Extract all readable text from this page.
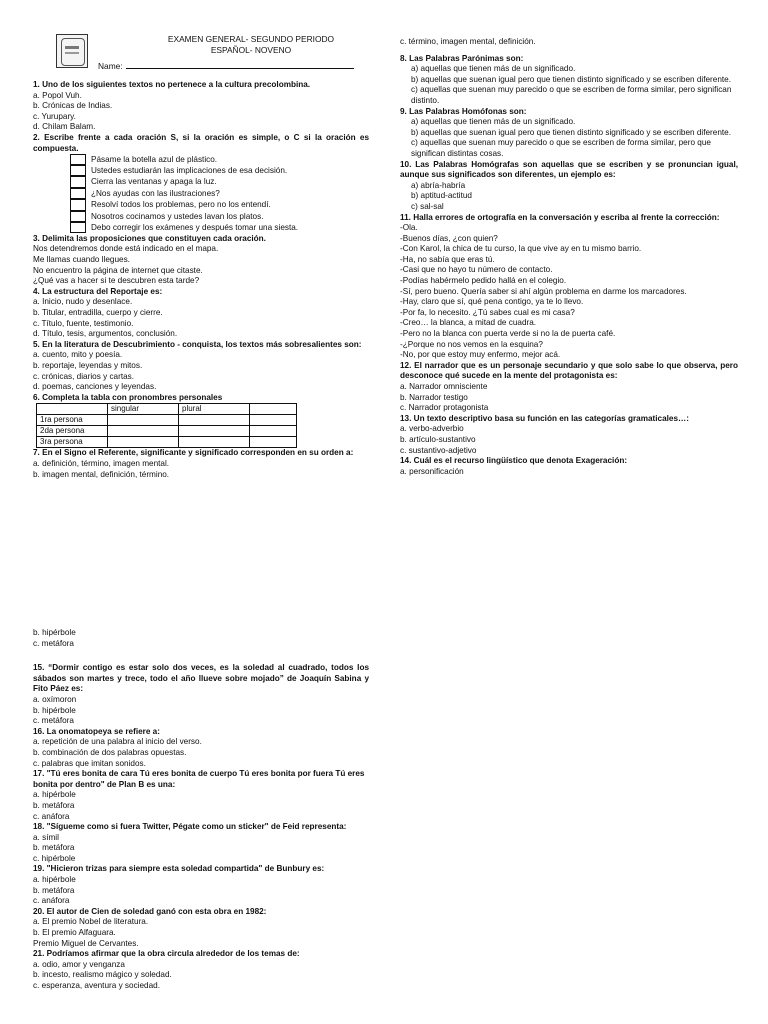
EXAMEN GENERAL- SEGUNDO PERIODO
ESPAÑOL- NOVENO
Name:
1. Uno de los siguientes textos no pertenece a la cultura precolombina.
a. Popol Vuh.
b. Crónicas de Indias.
c. Yurupary.
d. Chilam Balam.
2. Escribe frente a cada oración S, si la oración es simple, o C si la oración es compuesta.
Pásame la botella azul de plástico.
Ustedes estudiarán las implicaciones de esa decisión.
Cierra las ventanas y apaga la luz.
¿Nos ayudas con las ilustraciones?
Resolví todos los problemas, pero no los entendí.
Nosotros cocinamos y ustedes lavan los platos.
Debo corregir los exámenes y después tomar una siesta.
3. Delimita las proposiciones que constituyen cada oración.
Nos detendremos donde está indicado en el mapa.
Me llamas cuando llegues.
No encuentro la página de internet que citaste.
¿Qué vas a hacer si te descubren esta tarde?
4. La estructura del Reportaje es:
a. Inicio, nudo y desenlace.
b. Titular, entradilla, cuerpo y cierre.
c. Título, fuente, testimonio.
d. Título, tesis, argumentos, conclusión.
5. En la literatura de Descubrimiento - conquista, los textos más sobresalientes son:
a. cuento, mito y poesía.
b. reportaje, leyendas y mitos.
c. crónicas, diarios y cartas.
d. poemas, canciones y leyendas.
6. Completa la tabla con pronombres personales
	singular	plural	
1ra persona			
2da persona			
3ra persona			
7. En el Signo el Referente, significante y significado corresponden en su orden a:
a. definición, término, imagen mental.
b. imagen mental, definición, término.
c. término, imagen mental, definición.
8. Las Palabras Parónimas son:
a) aquellas que tienen más de un significado.
b) aquellas que suenan igual pero que tienen distinto significado y se escriben diferente.
c) aquellas que suenan muy parecido o que se escriben de forma similar, pero significan distinto.
9. Las Palabras Homófonas son:
a) aquellas que tienen más de un significado.
b) aquellas que suenan igual pero que tienen distinto significado y se escriben diferente.
c) aquellas que suenan muy parecido o que se escriben de forma similar, pero que significan distintas cosas.
10. Las Palabras Homógrafas son aquellas que se escriben y se pronuncian igual, aunque sus significados son diferentes, un ejemplo es:
a) abría-habría
b) aptitud-actitud
c) sal-sal
11. Halla errores de ortografía en la conversación y escriba al frente la corrección:
-Ola.
-Buenos días, ¿con quien?
-Con Karol, la chica de tu curso, la que vive ay en tu mismo barrio.
-Ha, no sabía que eras tú.
-Casi que no hayo tu número de contacto.
-Podías habérmelo pedido hallá en el colegio.
-Sí, pero bueno. Quería saber si ahí algún problema en darme los marcadores.
-Hay, claro que sí, qué pena contigo, ya te lo llevo.
-Por fa, lo necesito. ¿Tú sabes cual es mi casa?
-Creo… la blanca, a mitad de cuadra.
-Pero no la blanca con puerta verde si no la de puerta café.
-¿Porque no nos vemos en la esquina?
-No, por que estoy muy enfermo, mejor acá.
12. El narrador que es un personaje secundario y que solo sabe lo que observa, pero desconoce qué sucede en la mente del protagonista es:
a. Narrador omnisciente
b. Narrador testigo
c. Narrador protagonista
13. Un texto descriptivo basa su función en las categorías gramaticales…:
a. verbo-adverbio
b. artículo-sustantivo
c. sustantivo-adjetivo
14. Cuál es el recurso lingüístico que denota Exageración:
a. personificación
b. hipérbole
c. metáfora
15. “Dormir contigo es estar solo dos veces, es la soledad al cuadrado, todos los sábados son martes y trece, todo el año llueve sobre mojado” de Joaquín Sabina y Fito Páez es:
a. oxímoron
b. hipérbole
c. metáfora
16. La onomatopeya se refiere a:
a. repetición de una palabra al inicio del verso.
b. combinación de dos palabras opuestas.
c. palabras que imitan sonidos.
17. "Tú eres bonita de cara Tú eres bonita de cuerpo Tú eres bonita por fuera Tú eres bonita por dentro" de Plan B es una:
a. hipérbole
b. metáfora
c. anáfora
18. "Sígueme como si fuera Twitter, Pégate como un sticker" de Feid representa:
a. símil
b. metáfora
c. hipérbole
19. "Hicieron trizas para siempre esta soledad compartida" de Bunbury es:
a. hipérbole
b. metáfora
c. anáfora
20. El autor de Cien de soledad ganó con esta obra en 1982:
a. El premio Nobel de literatura.
b. El premio Alfaguara.
Premio Miguel de Cervantes.
21. Podríamos afirmar que la obra circula alrededor de los temas de:
a. odio, amor y venganza
b. incesto, realismo mágico y soledad.
c. esperanza, aventura y sociedad.
